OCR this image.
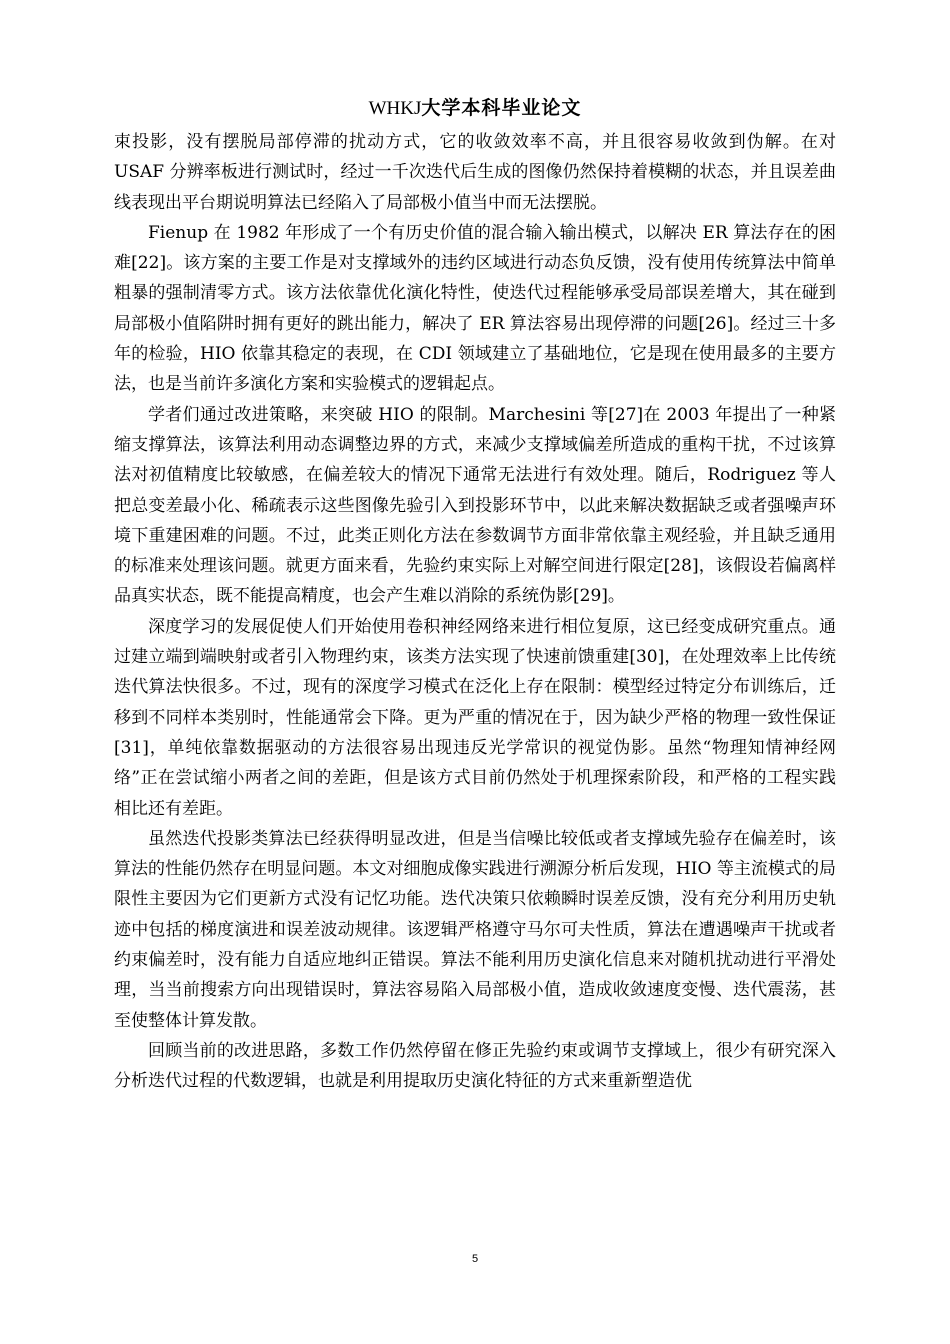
WHKJ大学本科毕业论文

束投影，没有摆脱局部停滞的扰动方式，它的收敛效率不高，并且很容易收敛到伪解。在对 USAF 分辨率板进行测试时，经过一千次迭代后生成的图像仍然保持着模糊的状态，并且误差曲线表现出平台期说明算法已经陷入了局部极小值当中而无法摆脱。

Fienup 在 1982 年形成了一个有历史价值的混合输入输出模式，以解决 ER 算法存在的困难[22]。该方案的主要工作是对支撑域外的违约区域进行动态负反馈，没有使用传统算法中简单粗暴的强制清零方式。该方法依靠优化演化特性，使迭代过程能够承受局部误差增大，其在碰到局部极小值陷阱时拥有更好的跳出能力，解决了 ER 算法容易出现停滞的问题[26]。经过三十多年的检验，HIO 依靠其稳定的表现，在 CDI 领域建立了基础地位，它是现在使用最多的主要方法，也是当前许多演化方案和实验模式的逻辑起点。

学者们通过改进策略，来突破 HIO 的限制。Marchesini 等[27]在 2003 年提出了一种紧缩支撑算法，该算法利用动态调整边界的方式，来减少支撑域偏差所造成的重构干扰，不过该算法对初值精度比较敏感，在偏差较大的情况下通常无法进行有效处理。随后，Rodriguez 等人把总变差最小化、稀疏表示这些图像先验引入到投影环节中，以此来解决数据缺乏或者强噪声环境下重建困难的问题。不过，此类正则化方法在参数调节方面非常依靠主观经验，并且缺乏通用的标准来处理该问题。就更方面来看，先验约束实际上对解空间进行限定[28]，该假设若偏离样品真实状态，既不能提高精度，也会产生难以消除的系统伪影[29]。

深度学习的发展促使人们开始使用卷积神经网络来进行相位复原，这已经变成研究重点。通过建立端到端映射或者引入物理约束，该类方法实现了快速前馈重建[30]，在处理效率上比传统迭代算法快很多。不过，现有的深度学习模式在泛化上存在限制：模型经过特定分布训练后，迁移到不同样本类别时，性能通常会下降。更为严重的情况在于，因为缺少严格的物理一致性保证[31]，单纯依靠数据驱动的方法很容易出现违反光学常识的视觉伪影。虽然“物理知情神经网络”正在尝试缩小两者之间的差距，但是该方式目前仍然处于机理探索阶段，和严格的工程实践相比还有差距。

虽然迭代投影类算法已经获得明显改进，但是当信噪比较低或者支撑域先验存在偏差时，该算法的性能仍然存在明显问题。本文对细胞成像实践进行溯源分析后发现，HIO 等主流模式的局限性主要因为它们更新方式没有记忆功能。迭代决策只依赖瞬时误差反馈，没有充分利用历史轨迹中包括的梯度演进和误差波动规律。该逻辑严格遵守马尔可夫性质，算法在遭遇噪声干扰或者约束偏差时，没有能力自适应地纠正错误。算法不能利用历史演化信息来对随机扰动进行平滑处理，当当前搜索方向出现错误时，算法容易陷入局部极小值，造成收敛速度变慢、迭代震荡，甚至使整体计算发散。

回顾当前的改进思路，多数工作仍然停留在修正先验约束或调节支撑域上，很少有研究深入分析迭代过程的代数逻辑，也就是利用提取历史演化特征的方式来重新塑造优

5
